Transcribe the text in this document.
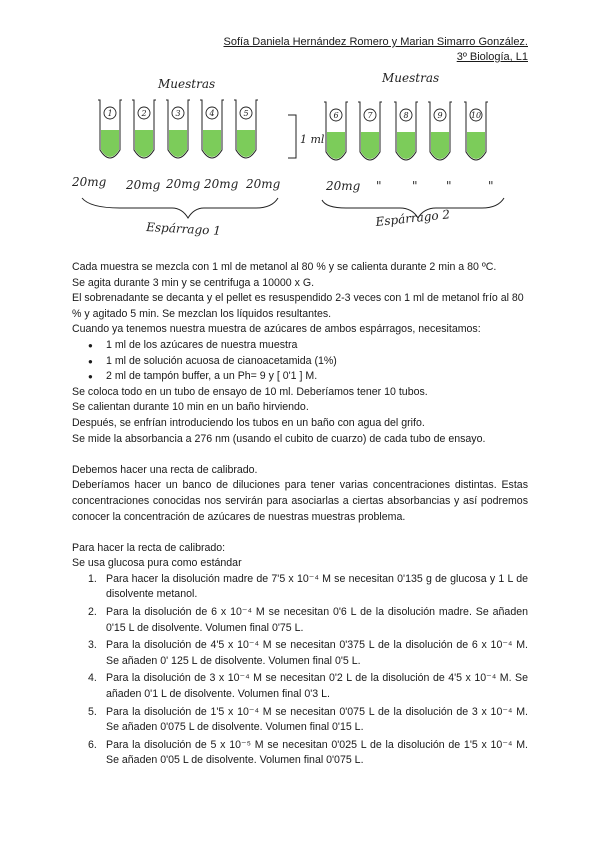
Sofía Daniela Hernández Romero y Marian Simarro González.
3º Biología, L1
Muestras	Muestras
1	2	3	4	5	6	7	8	9	10
1 ml
20mg 20mg 20mg 20mg 20mg	20mg "	" "	"
Espárrago 1	Espárrago 2

Cada muestra se mezcla con 1 ml de metanol al 80 % y se calienta durante 2 min a 80 ºC.

Se agita durante 3 min y se centrifuga a 10000 x G.

El sobrenadante se decanta y el pellet es resuspendido 2-3 veces con 1 ml de metanol frío al 80 % y agitado 5 min. Se mezclan los líquidos resultantes.

Cuando ya tenemos nuestra muestra de azúcares de ambos espárragos, necesitamos:

● 1 ml de los azúcares de nuestra muestra
● 1 ml de solución acuosa de cianoacetamida (1%)
● 2 ml de tampón buffer, a un Ph= 9 y [ 0'1 ] M.

Se coloca todo en un tubo de ensayo de 10 ml. Deberíamos tener 10 tubos.

Se calientan durante 10 min en un baño hirviendo.

Después, se enfrían introduciendo los tubos en un baño con agua del grifo.

Se mide la absorbancia a 276 nm (usando el cubito de cuarzo) de cada tubo de ensayo.

Debemos hacer una recta de calibrado.

Deberíamos hacer un banco de diluciones para tener varias concentraciones distintas. Estas concentraciones conocidas nos servirán para asociarlas a ciertas absorbancias y así podremos conocer la concentración de azúcares de nuestras muestras problema.

Para hacer la recta de calibrado:

Se usa glucosa pura como estándar

1. Para hacer la disolución madre de 7'5 x 10⁻⁴ M se necesitan 0'135 g de glucosa y 1 L de disolvente metanol.
2. Para la disolución de 6 x 10⁻⁴ M se necesitan 0'6 L de la disolución madre. Se añaden 0'15 L de disolvente. Volumen final 0'75 L.
3. Para la disolución de 4'5 x 10⁻⁴ M se necesitan 0'375 L de la disolución de 6 x 10⁻⁴ M. Se añaden 0' 125 L de disolvente. Volumen final 0'5 L.
4. Para la disolución de 3 x 10⁻⁴ M se necesitan 0'2 L de la disolución de 4'5 x 10⁻⁴ M. Se añaden 0'1 L de disolvente. Volumen final 0'3 L.
5. Para la disolución de 1'5 x 10⁻⁴ M se necesitan 0'075 L de la disolución de 3 x 10⁻⁴ M. Se añaden 0'075 L de disolvente. Volumen final 0'15 L.
6. Para la disolución de 5 x 10⁻⁵ M se necesitan 0'025 L de la disolución de 1'5 x 10⁻⁴ M. Se añaden 0'05 L de disolvente. Volumen final 0'075 L.
